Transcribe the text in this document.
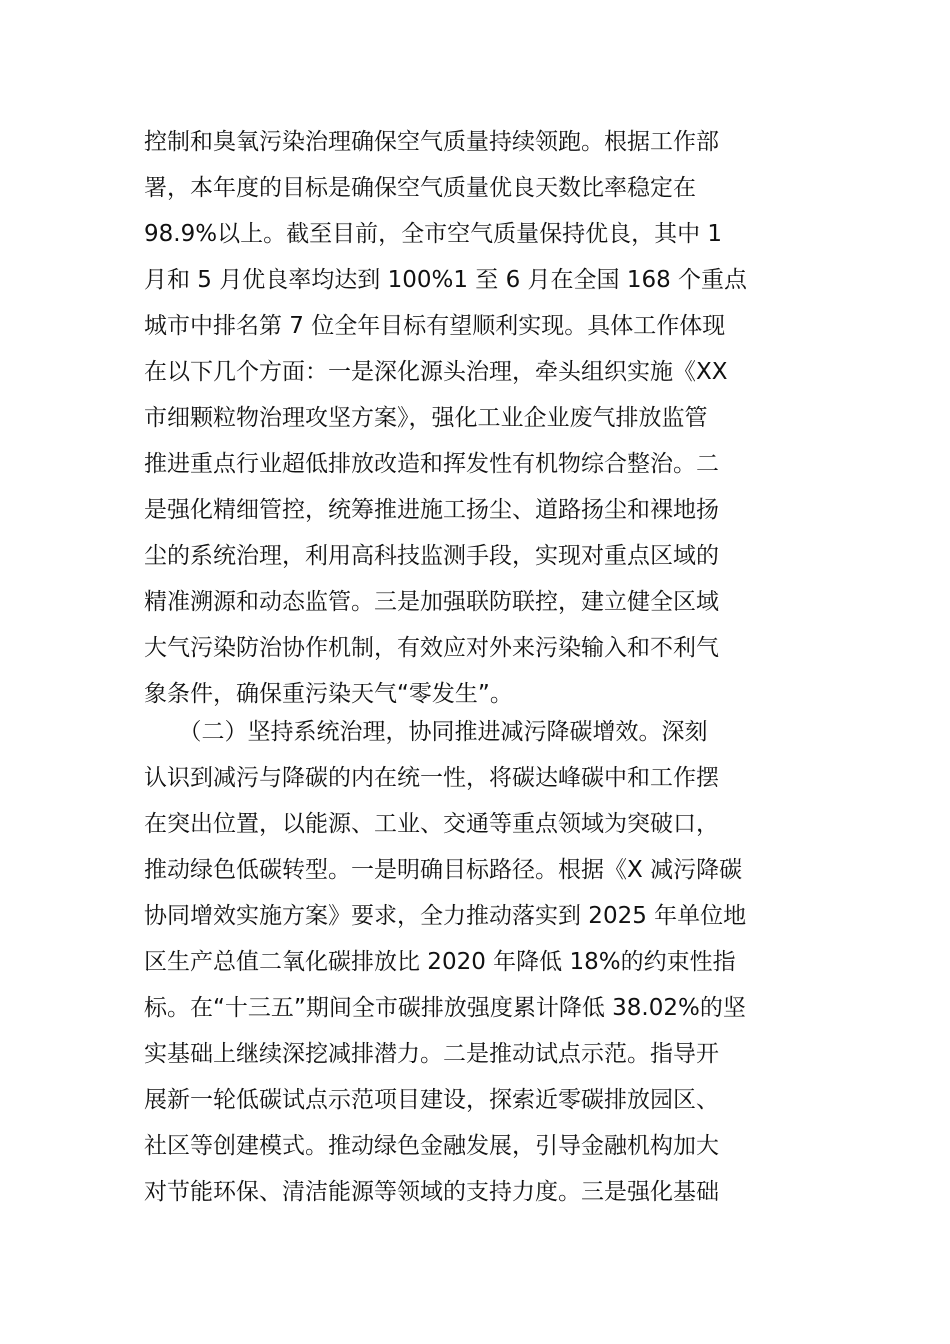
控制和臭氧污染治理确保空气质量持续领跑。根据工作部
署，本年度的目标是确保空气质量优良天数比率稳定在
98.9%以上。截至目前，全市空气质量保持优良，其中 1
月和 5 月优良率均达到 100%1 至 6 月在全国 168 个重点
城市中排名第 7 位全年目标有望顺利实现。具体工作体现
在以下几个方面：一是深化源头治理，牵头组织实施《XX
市细颗粒物治理攻坚方案》，强化工业企业废气排放监管
推进重点行业超低排放改造和挥发性有机物综合整治。二
是强化精细管控，统筹推进施工扬尘、道路扬尘和裸地扬
尘的系统治理，利用高科技监测手段，实现对重点区域的
精准溯源和动态监管。三是加强联防联控，建立健全区域
大气污染防治协作机制，有效应对外来污染输入和不利气
象条件，确保重污染天气“零发生”。
　　（二）坚持系统治理，协同推进减污降碳增效。深刻
认识到减污与降碳的内在统一性，将碳达峰碳中和工作摆
在突出位置，以能源、工业、交通等重点领域为突破口，
推动绿色低碳转型。一是明确目标路径。根据《X 减污降碳
协同增效实施方案》要求，全力推动落实到 2025 年单位地
区生产总值二氧化碳排放比 2020 年降低 18%的约束性指
标。在“十三五”期间全市碳排放强度累计降低 38.02%的坚
实基础上继续深挖减排潜力。二是推动试点示范。指导开
展新一轮低碳试点示范项目建设，探索近零碳排放园区、
社区等创建模式。推动绿色金融发展，引导金融机构加大
对节能环保、清洁能源等领域的支持力度。三是强化基础
